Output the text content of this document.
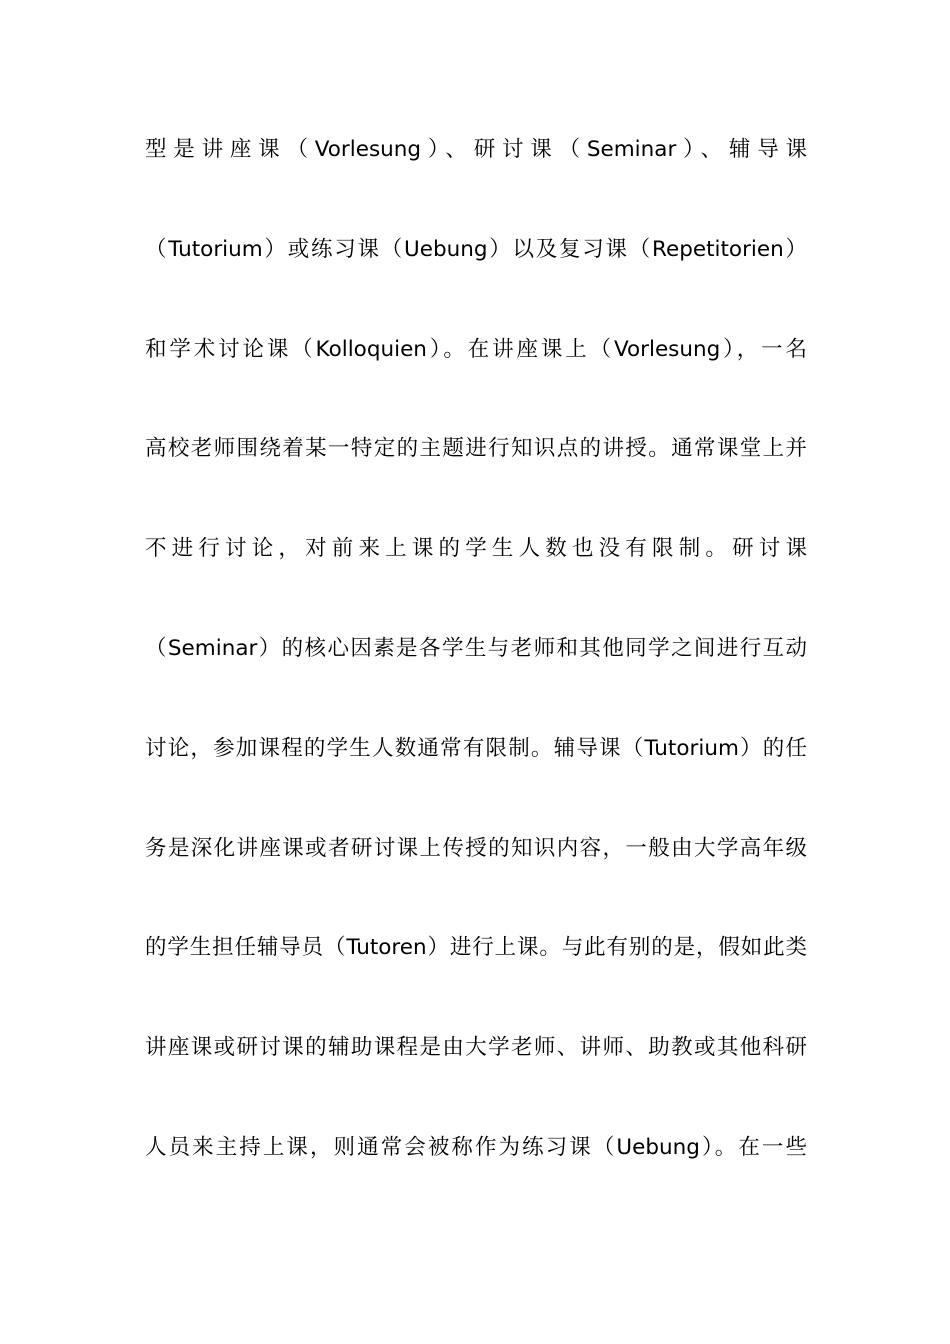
型是讲座课（Vorlesung）、研讨课（Seminar）、辅导课
（Tutorium）或练习课（Uebung）以及复习课（Repetitorien）
和学术讨论课（Kolloquien）。在讲座课上（Vorlesung），一名
高校老师围绕着某一特定的主题进行知识点的讲授。通常课堂上并
不进行讨论，对前来上课的学生人数也没有限制。研讨课
（Seminar）的核心因素是各学生与老师和其他同学之间进行互动
讨论，参加课程的学生人数通常有限制。辅导课（Tutorium）的任
务是深化讲座课或者研讨课上传授的知识内容，一般由大学高年级
的学生担任辅导员（Tutoren）进行上课。与此有别的是，假如此类
讲座课或研讨课的辅助课程是由大学老师、讲师、助教或其他科研
人员来主持上课，则通常会被称作为练习课（Uebung）。在一些
